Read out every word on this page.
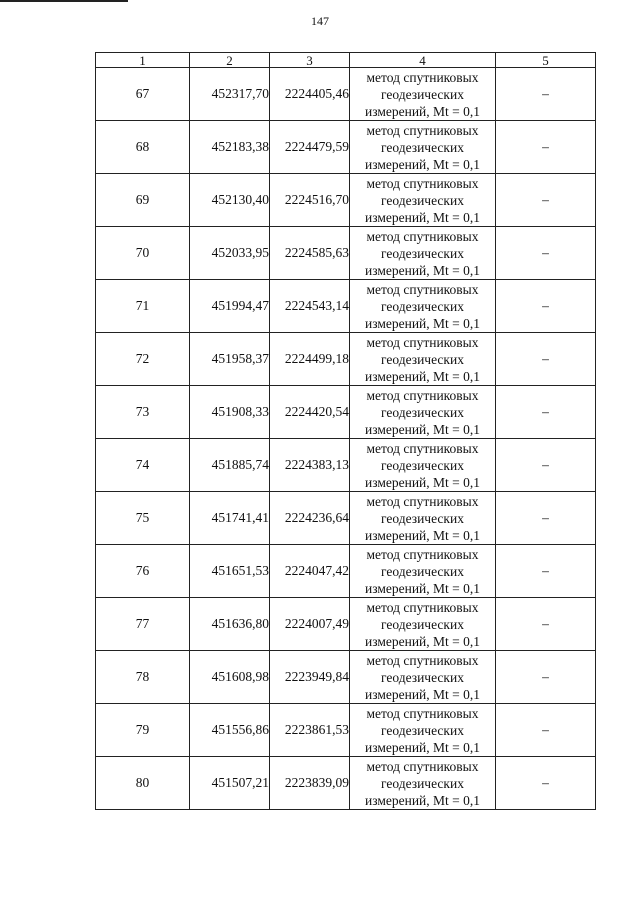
147
1	2	3	4	5
67	452317,70	2224405,46	метод спутниковых
геодезических
измерений, Mt = 0,1	–
68	452183,38	2224479,59	метод спутниковых
геодезических
измерений, Mt = 0,1	–
69	452130,40	2224516,70	метод спутниковых
геодезических
измерений, Mt = 0,1	–
70	452033,95	2224585,63	метод спутниковых
геодезических
измерений, Mt = 0,1	–
71	451994,47	2224543,14	метод спутниковых
геодезических
измерений, Mt = 0,1	–
72	451958,37	2224499,18	метод спутниковых
геодезических
измерений, Mt = 0,1	–
73	451908,33	2224420,54	метод спутниковых
геодезических
измерений, Mt = 0,1	–
74	451885,74	2224383,13	метод спутниковых
геодезических
измерений, Mt = 0,1	–
75	451741,41	2224236,64	метод спутниковых
геодезических
измерений, Mt = 0,1	–
76	451651,53	2224047,42	метод спутниковых
геодезических
измерений, Mt = 0,1	–
77	451636,80	2224007,49	метод спутниковых
геодезических
измерений, Mt = 0,1	–
78	451608,98	2223949,84	метод спутниковых
геодезических
измерений, Mt = 0,1	–
79	451556,86	2223861,53	метод спутниковых
геодезических
измерений, Mt = 0,1	–
80	451507,21	2223839,09	метод спутниковых
геодезических
измерений, Mt = 0,1	–
